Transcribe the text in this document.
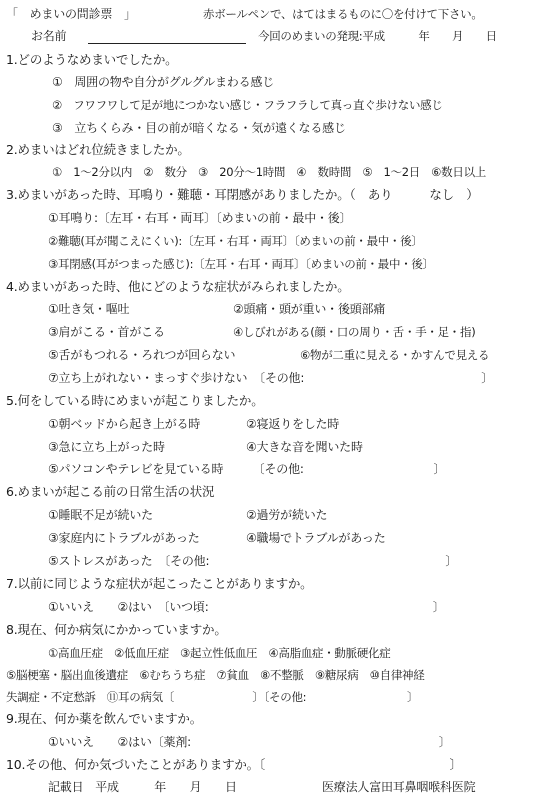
「　めまいの問診票　」	赤ボールペンで、はてはまるものに〇を付けて下さい。
お名前	今回のめまいの発現:平成　　　年　　月　　日
1.どのようなめまいでしたか。
①　周囲の物や自分がグルグルまわる感じ
②　フワフワして足が地につかない感じ・フラフラして真っ直ぐ歩けない感じ
③　立ちくらみ・目の前が暗くなる・気が遠くなる感じ
2.めまいはどれ位続きましたか。
①　1～2分以内　②　数分　③　20分～1時間　④　数時間　⑤　1～2日　⑥数日以上
3.めまいがあった時、耳鳴り・難聴・耳閉感がありましたか。（　あり　　　なし　）
①耳鳴り:〔左耳・右耳・両耳〕〔めまいの前・最中・後〕
②難聴(耳が聞こえにくい):〔左耳・右耳・両耳〕〔めまいの前・最中・後〕
③耳閉感(耳がつまった感じ):〔左耳・右耳・両耳〕〔めまいの前・最中・後〕
4.めまいがあった時、他にどのような症状がみられましたか。
①吐き気・嘔吐	②頭痛・頭が重い・後頭部痛
③肩がこる・首がこる	④しびれがある(顔・口の周り・舌・手・足・指)
⑤舌がもつれる・ろれつが回らない	⑥物が二重に見える・かすんで見える
⑦立ち上がれない・まっすぐ歩けない　〔その他:　　　　　　　　　　　　　　　〕
5.何をしている時にめまいが起こりましたか。
①朝ベッドから起き上がる時	②寝返りをした時
③急に立ち上がった時	④大きな音を聞いた時
⑤パソコンやテレビを見ている時　　　〔その他:　　　　　　　　　　　〕
6.めまいが起こる前の日常生活の状況
①睡眠不足が続いた	②過労が続いた
③家庭内にトラブルがあった	④職場でトラブルがあった
⑤ストレスがあった　〔その他:　　　　　　　　　　　　　　　　　　　　〕
7.以前に同じような症状が起こったことがありますか。
①いいえ　　②はい　〔いつ頃:　　　　　　　　　　　　　　　　　　　〕
8.現在、何か病気にかかっていますか。
①高血圧症　②低血圧症　③起立性低血圧　④高脂血症・動脈硬化症
⑤脳梗塞・脳出血後遺症　⑥むちうち症　⑦貧血　⑧不整脈　⑨糖尿病　⑩自律神経
失調症・不定愁訴　⑪耳の病気〔　　　　　　　〕〔その他:　　　　　　　　　〕
9.現在、何か薬を飲んでいますか。
①いいえ　　②はい〔薬剤:　　　　　　　　　　　　　　　　　　　　　〕
10.その他、何か気づいたことがありますか。〔　　　　　　　　　　　　　　　〕
記載日　平成　　　年　　月　　日	医療法人富田耳鼻咽喉科医院
